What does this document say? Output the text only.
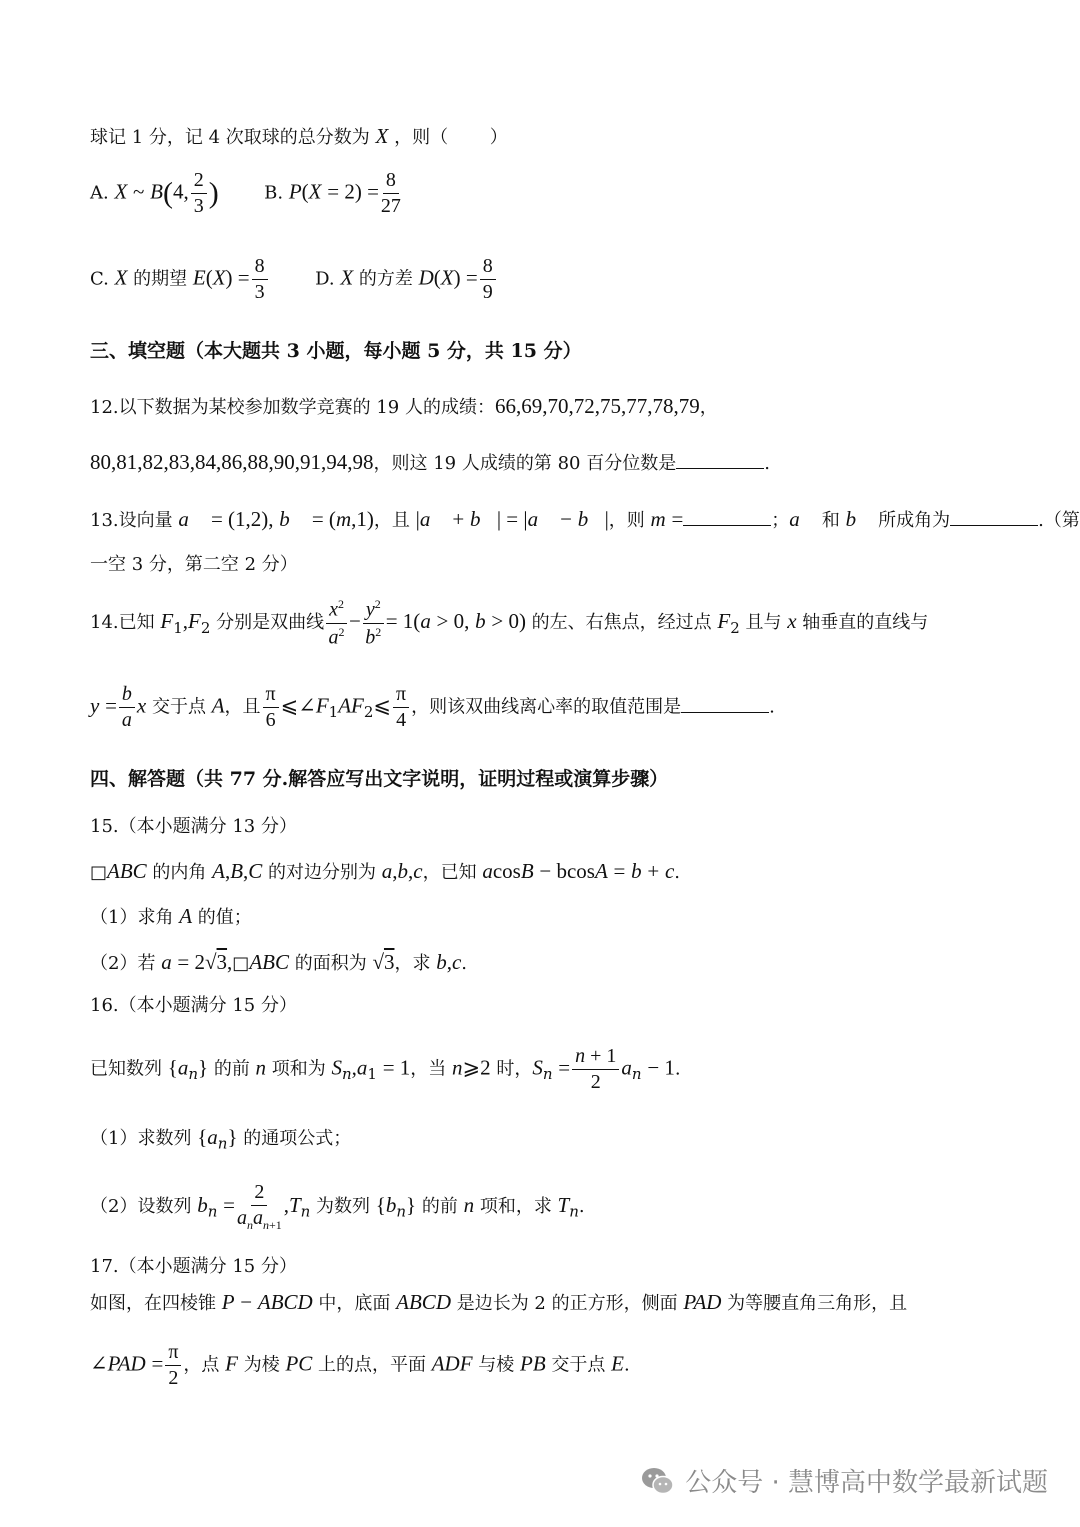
球记 1 分，记 4 次取球的总分数为 X ，则（　　 ）
A. X ~ B(4, $\frac{2}{3}$ )  B. $P(X = 2) = \frac{8}{27}$
C. X 的期望 $E(X) = \frac{8}{3} D$. X 的方差 $D(X) = \frac{8}{9}$
三、填空题（本大题共 3 小题，每小题 5 分，共 15 分）
12.以下数据为某校参加数学竞赛的 19 人的成绩：66,69,70,72,75,77,78,79，
80,81,82,83,84,86,88,90,91,94,98，则这 19 人成绩的第 80 百分位数是	.
13.设向量 a⃗ = (1,2), b⃗ = (m,1)，且 |a⃗ + b⃗| = |a⃗ − b⃗|，则 m =	；a⃗ 和 b⃗ 所成角为	.（第
一空 3 分，第二空 2 分）
14.已知 $F_1,F_2$ 分别是双曲线 $\frac{x^2}{a^2} - \frac{y^2}{b^2} = 1(a > 0$, b > 0) 的左、右焦点，经过点 $F_2$ 且与 x 轴垂直的直线与
$y = \frac{b}{a}$ x 交于点 A，且 $\frac{\pi}{6}$ $⩽\angle F_1AF_2⩽ \frac{\pi}{4}$ ，则该双曲线离心率的取值范围是	.
四、解答题（共 77 分.解答应写出文字说明，证明过程或演算步骤）
15.（本小题满分 13 分）
□ABC 的内角 A,B,C 的对边分别为 a,b,c，已知 acosB − bcosA = b + c.
（1）求角 A 的值；
（2）若 a = 2√3,□ABC 的面积为 √3，求 b,c.
16.（本小题满分 15 分）
已知数列 $\{a_n\}$ 的前 n 项和为 $S_n,a_1 = 1$，当 n⩾2 时，$S_n = \frac{n + 1}{2} a_n - 1$.
（1）求数列 $\{a_n\}$ 的通项公式；
（2）设数列 $b_n = \frac{2}{a_na_{n+1}} ,T_n$ 为数列 $\{b_n\}$ 的前 n 项和，求 $T_n$.
17.（本小题满分 15 分）
如图，在四棱锥 P − ABCD 中，底面 ABCD 是边长为 2 的正方形，侧面 PAD 为等腰直角三角形，且
∠PAD = $\frac{\pi}{2}$ ，点 F 为棱 PC 上的点，平面 ADF 与棱 PB 交于点 E.
公众号 · 慧博高中数学最新试题
